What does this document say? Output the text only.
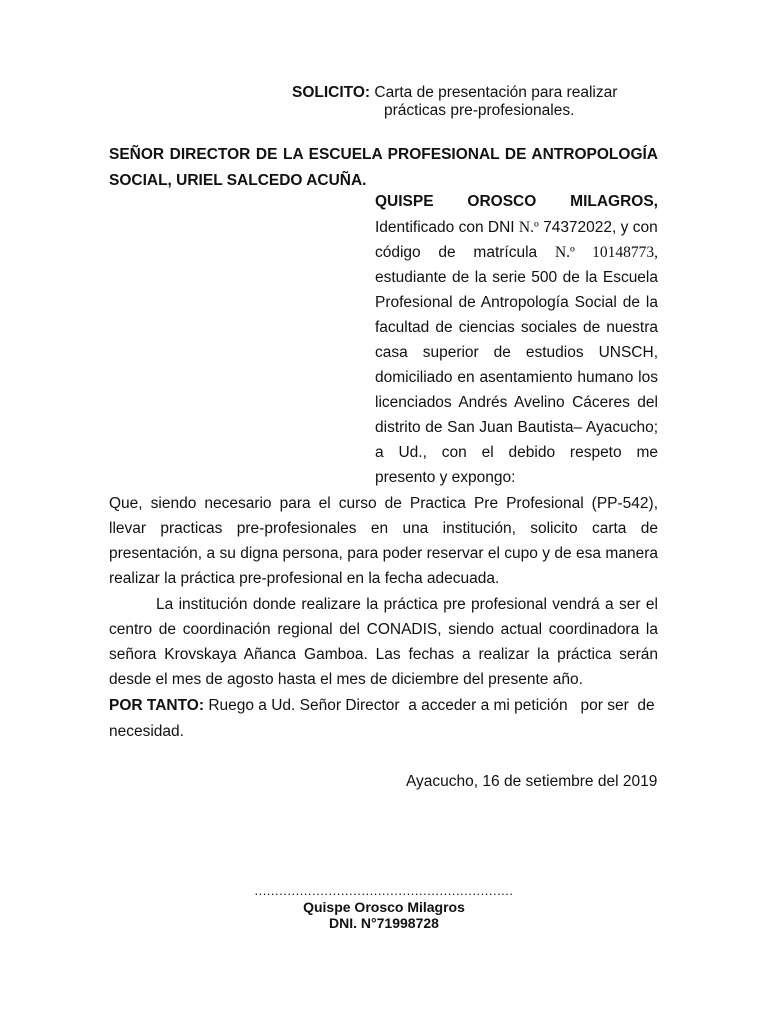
SOLICITO: Carta de presentación para realizar
prácticas pre-profesionales.
SEÑOR DIRECTOR DE LA ESCUELA PROFESIONAL DE ANTROPOLOGÍA
SOCIAL, URIEL SALCEDO ACUÑA.
QUISPE OROSCO MILAGROS,
Identificado con DNI N.º 74372022, y con
código de matrícula N.º 10148773,
estudiante de la serie 500 de la Escuela
Profesional de Antropología Social de la
facultad de ciencias sociales de nuestra
casa superior de estudios UNSCH,
domiciliado en asentamiento humano los
licenciados Andrés Avelino Cáceres del
distrito de San Juan Bautista– Ayacucho;
a Ud., con el debido respeto me
presento y expongo:
Que, siendo necesario para el curso de Practica Pre Profesional (PP-542),
llevar practicas pre-profesionales en una institución, solicito carta de
presentación, a su digna persona, para poder reservar el cupo y de esa manera
realizar la práctica pre-profesional en la fecha adecuada.
La institución donde realizare la práctica pre profesional vendrá a ser el
centro de coordinación regional del CONADIS, siendo actual coordinadora la
señora Krovskaya Añanca Gamboa. Las fechas a realizar la práctica serán
desde el mes de agosto hasta el mes de diciembre del presente año.
POR TANTO: Ruego a Ud. Señor Director  a acceder a mi petición   por ser  de
necesidad.
Ayacucho, 16 de setiembre del 2019
...............................................................
Quispe Orosco Milagros
DNI. N°71998728
